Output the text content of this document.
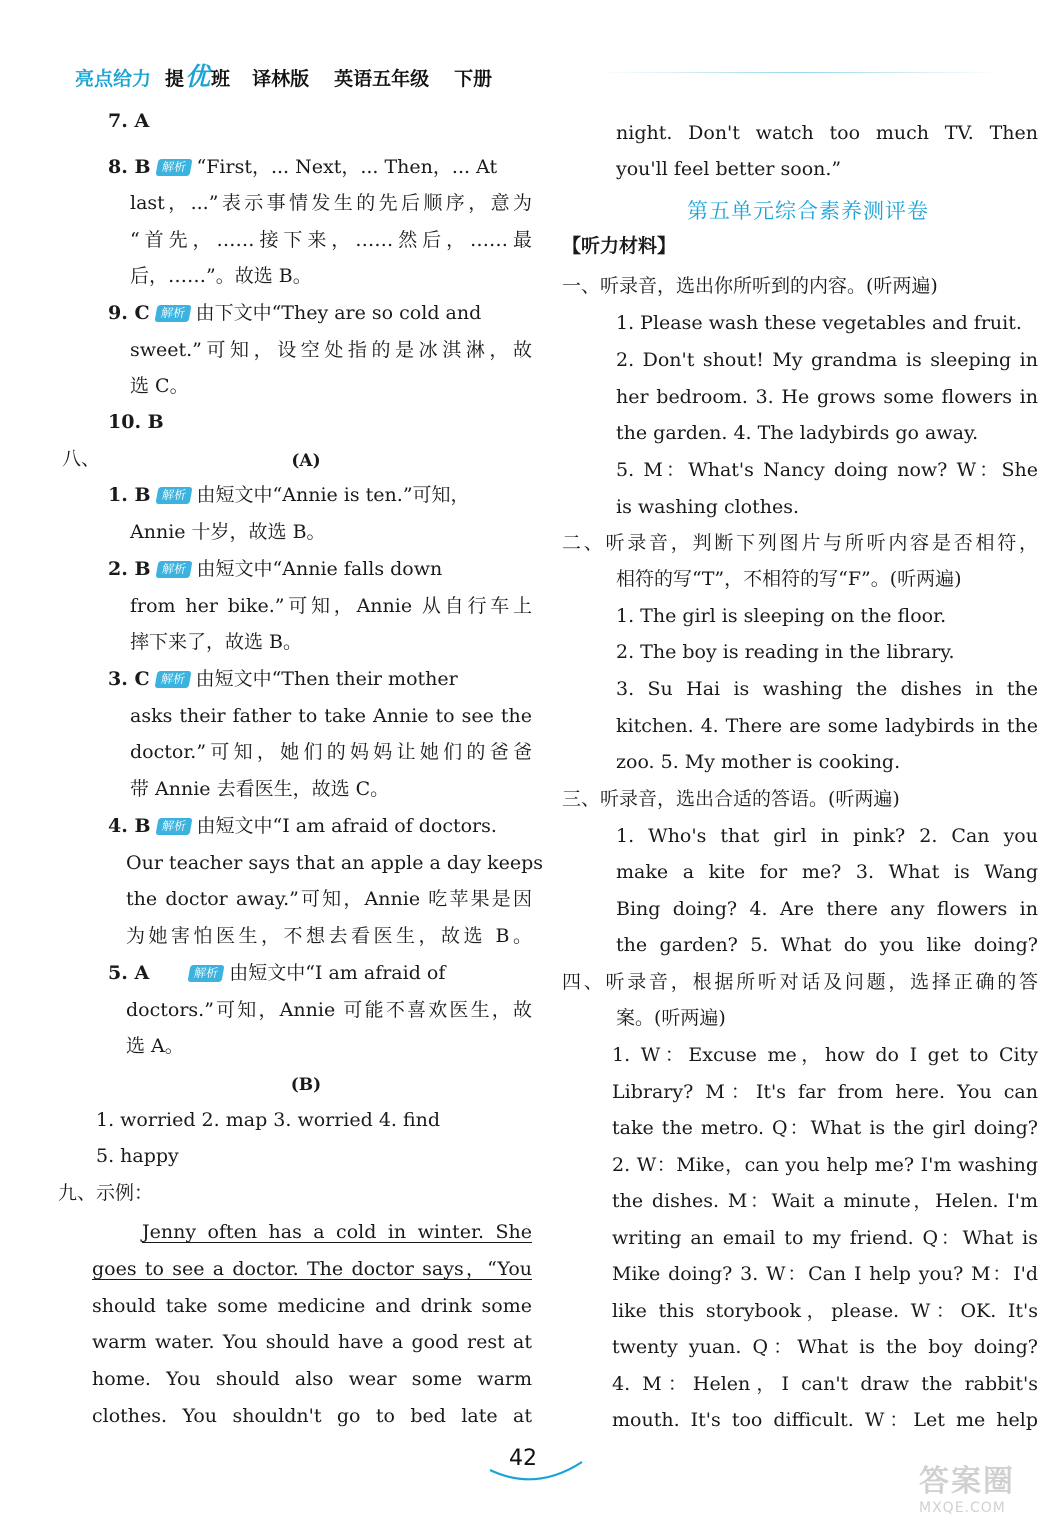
亮点给力 提 优 班 译林版 英语五年级 下册
7. A
8. B 解析 “First，... Next，... Then，... At
last，...”表示事情发生的先后顺序，意为
“首先，……接下来，……然后，……最
后，……”。故选 B。
9. C 解析 由下文中“They are so cold and
sweet.”可知，设空处指的是冰淇淋，故
选 C。
10. B
八、	(A)
1. B 解析 由短文中“Annie is ten.”可知，
Annie 十岁，故选 B。
2. B 解析 由短文中“Annie falls down
from her bike.”可知，Annie 从自行车上
摔下来了，故选 B。
3. C 解析 由短文中“Then their mother
asks their father to take Annie to see the
doctor.”可知，她们的妈妈让她们的爸爸
带 Annie 去看医生，故选 C。
4. B 解析 由短文中“I am afraid of doctors.
Our teacher says that an apple a day keeps
the doctor away.”可知，Annie 吃苹果是因
为她害怕医生，不想去看医生，故选 B。
5. A	解析 由短文中“I am afraid of
doctors.”可知，Annie 可能不喜欢医生，故
选 A。
(B)
1. worried 2. map 3. worried 4. find
5. happy
九、示例：
Jenny often has a cold in winter. She
goes to see a doctor. The doctor says，“You
should take some medicine and drink some
warm water. You should have a good rest at
home. You should also wear some warm
clothes. You shouldn't go to bed late at
night. Don't watch too much TV. Then
you'll feel better soon.”
第五单元综合素养测评卷
【听力材料】
一、听录音，选出你所听到的内容。(听两遍)
1. Please wash these vegetables and fruit.
2. Don't shout! My grandma is sleeping in
her bedroom. 3. He grows some flowers in
the garden. 4. The ladybirds go away.
5. M：What's Nancy doing now? W：She
is washing clothes.
二、听录音，判断下列图片与所听内容是否相符，
相符的写“T”，不相符的写“F”。(听两遍)
1. The girl is sleeping on the floor.
2. The boy is reading in the library.
3. Su Hai is washing the dishes in the
kitchen. 4. There are some ladybirds in the
zoo. 5. My mother is cooking.
三、听录音，选出合适的答语。(听两遍)
1. Who's that girl in pink? 2. Can you
make a kite for me? 3. What is Wang
Bing doing? 4. Are there any flowers in
the garden? 5. What do you like doing?
四、听录音，根据所听对话及问题，选择正确的答
案。(听两遍)
1. W：Excuse me，how do I get to City
Library? M：It's far from here. You can
take the metro. Q：What is the girl doing?
2. W：Mike，can you help me? I'm washing
the dishes. M：Wait a minute，Helen. I'm
writing an email to my friend. Q：What is
Mike doing? 3. W：Can I help you? M：I'd
like this storybook，please. W：OK. It's
twenty yuan. Q：What is the boy doing?
4. M：Helen，I can't draw the rabbit's
mouth. It's too difficult. W：Let me help
42
答案圈
MXQE.COM
